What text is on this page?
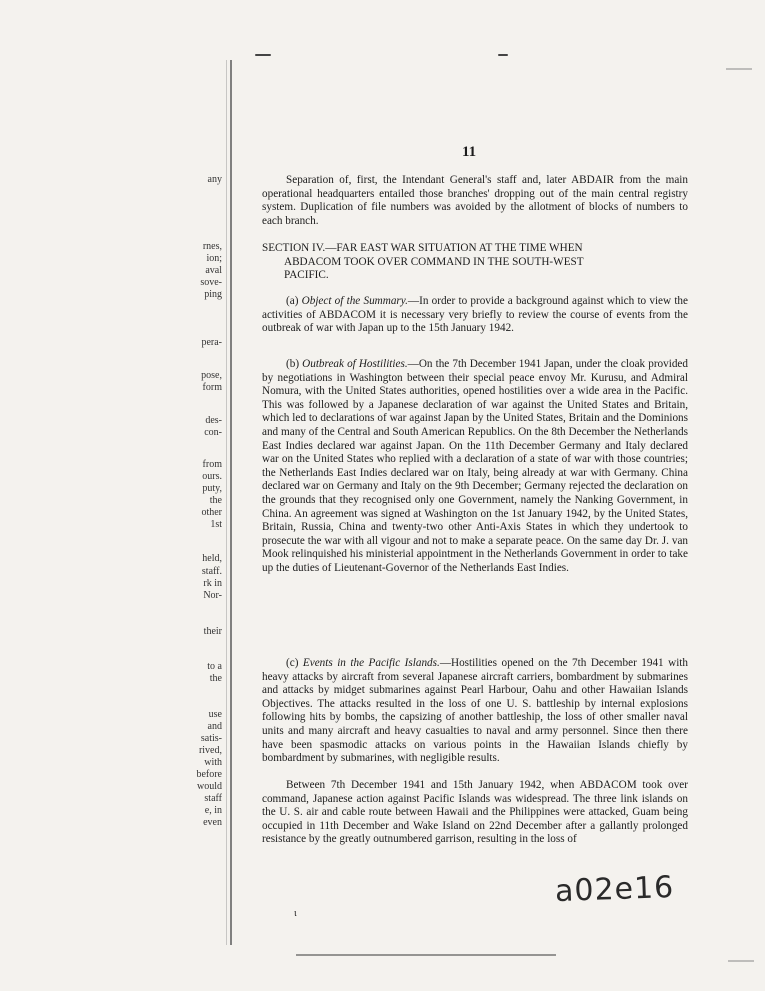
any
rnes,
ion;
aval
sove-
ping
pera-
pose,
form
des-
con-
from
ours.
puty,
the
other
1st
held,
staff.
rk in
Nor-
their
to a
the
use
and
satis-
rived,
with
before
would
staff
e, in
even
11

Separation of, first, the Intendant General's staff and, later ABDAIR from the main operational headquarters entailed those branches' dropping out of the main central registry system. Duplication of file numbers was avoided by the allotment of blocks of numbers to each branch.

SECTION IV.—FAR EAST WAR SITUATION AT THE TIME WHEN
ABDACOM TOOK OVER COMMAND IN THE SOUTH-WEST
PACIFIC.

(a) Object of the Summary.—In order to provide a background against which to view the activities of ABDACOM it is necessary very briefly to review the course of events from the outbreak of war with Japan up to the 15th January 1942.

(b) Outbreak of Hostilities.—On the 7th December 1941 Japan, under the cloak provided by negotiations in Washington between their special peace envoy Mr. Kurusu, and Admiral Nomura, with the United States authorities, opened hostilities over a wide area in the Pacific. This was followed by a Japanese declaration of war against the United States and Britain, which led to declarations of war against Japan by the United States, Britain and the Dominions and many of the Central and South American Republics. On the 8th December the Netherlands East Indies declared war against Japan. On the 11th December Germany and Italy declared war on the United States who replied with a declaration of a state of war with those countries; the Netherlands East Indies declared war on Italy, being already at war with Germany. China declared war on Germany and Italy on the 9th December; Germany rejected the declaration on the grounds that they recognised only one Government, namely the Nanking Government, in China. An agreement was signed at Washington on the 1st January 1942, by the United States, Britain, Russia, China and twenty-two other Anti-Axis States in which they undertook to prosecute the war with all vigour and not to make a separate peace. On the same day Dr. J. van Mook relinquished his ministerial appointment in the Netherlands Government in order to take up the duties of Lieutenant-Governor of the Netherlands East Indies.

(c) Events in the Pacific Islands.—Hostilities opened on the 7th December 1941 with heavy attacks by aircraft from several Japanese aircraft carriers, bombardment by submarines and attacks by midget submarines against Pearl Harbour, Oahu and other Hawaiian Islands Objectives. The attacks resulted in the loss of one U. S. battleship by internal explosions following hits by bombs, the capsizing of another battleship, the loss of other smaller naval units and many aircraft and heavy casualties to naval and army personnel. Since then there have been spasmodic attacks on various points in the Hawaiian Islands chiefly by bombardment by submarines, with negligible results.

Between 7th December 1941 and 15th January 1942, when ABDACOM took over command, Japanese action against Pacific Islands was widespread. The three link islands on the U. S. air and cable route between Hawaii and the Philippines were attacked, Guam being occupied in 11th December and Wake Island on 22nd December after a gallantly prolonged resistance by the greatly outnumbered garrison, resulting in the loss of

ι
a02e16
